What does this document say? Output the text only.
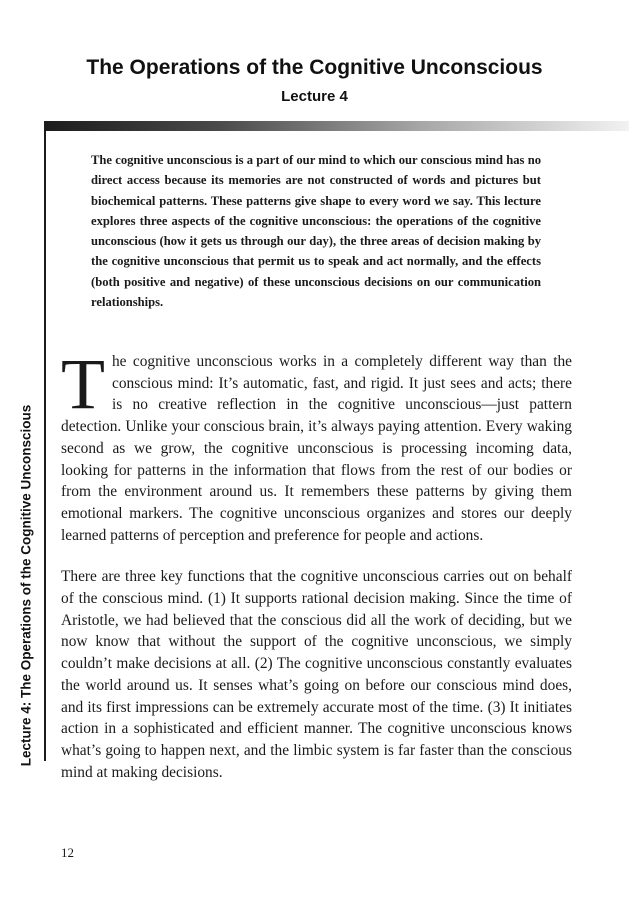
The Operations of the Cognitive Unconscious
Lecture 4
Lecture 4: The Operations of the Cognitive Unconscious

The cognitive unconscious is a part of our mind to which our conscious mind has no direct access because its memories are not constructed of words and pictures but biochemical patterns. These patterns give shape to every word we say. This lecture explores three aspects of the cognitive unconscious: the operations of the cognitive unconscious (how it gets us through our day), the three areas of decision making by the cognitive unconscious that permit us to speak and act normally, and the effects (both positive and negative) of these unconscious decisions on our communication relationships.

The cognitive unconscious works in a completely different way than the conscious mind: It’s automatic, fast, and rigid. It just sees and acts; there is no creative reflection in the cognitive unconscious—just pattern detection. Unlike your conscious brain, it’s always paying attention. Every waking second as we grow, the cognitive unconscious is processing incoming data, looking for patterns in the information that flows from the rest of our bodies or from the environment around us. It remembers these patterns by giving them emotional markers. The cognitive unconscious organizes and stores our deeply learned patterns of perception and preference for people and actions.

There are three key functions that the cognitive unconscious carries out on behalf of the conscious mind. (1) It supports rational decision making. Since the time of Aristotle, we had believed that the conscious did all the work of deciding, but we now know that without the support of the cognitive unconscious, we simply couldn’t make decisions at all. (2) The cognitive unconscious constantly evaluates the world around us. It senses what’s going on before our conscious mind does, and its first impressions can be extremely accurate most of the time. (3) It initiates action in a sophisticated and efficient manner. The cognitive unconscious knows what’s going to happen next, and the limbic system is far faster than the conscious mind at making decisions.

12
